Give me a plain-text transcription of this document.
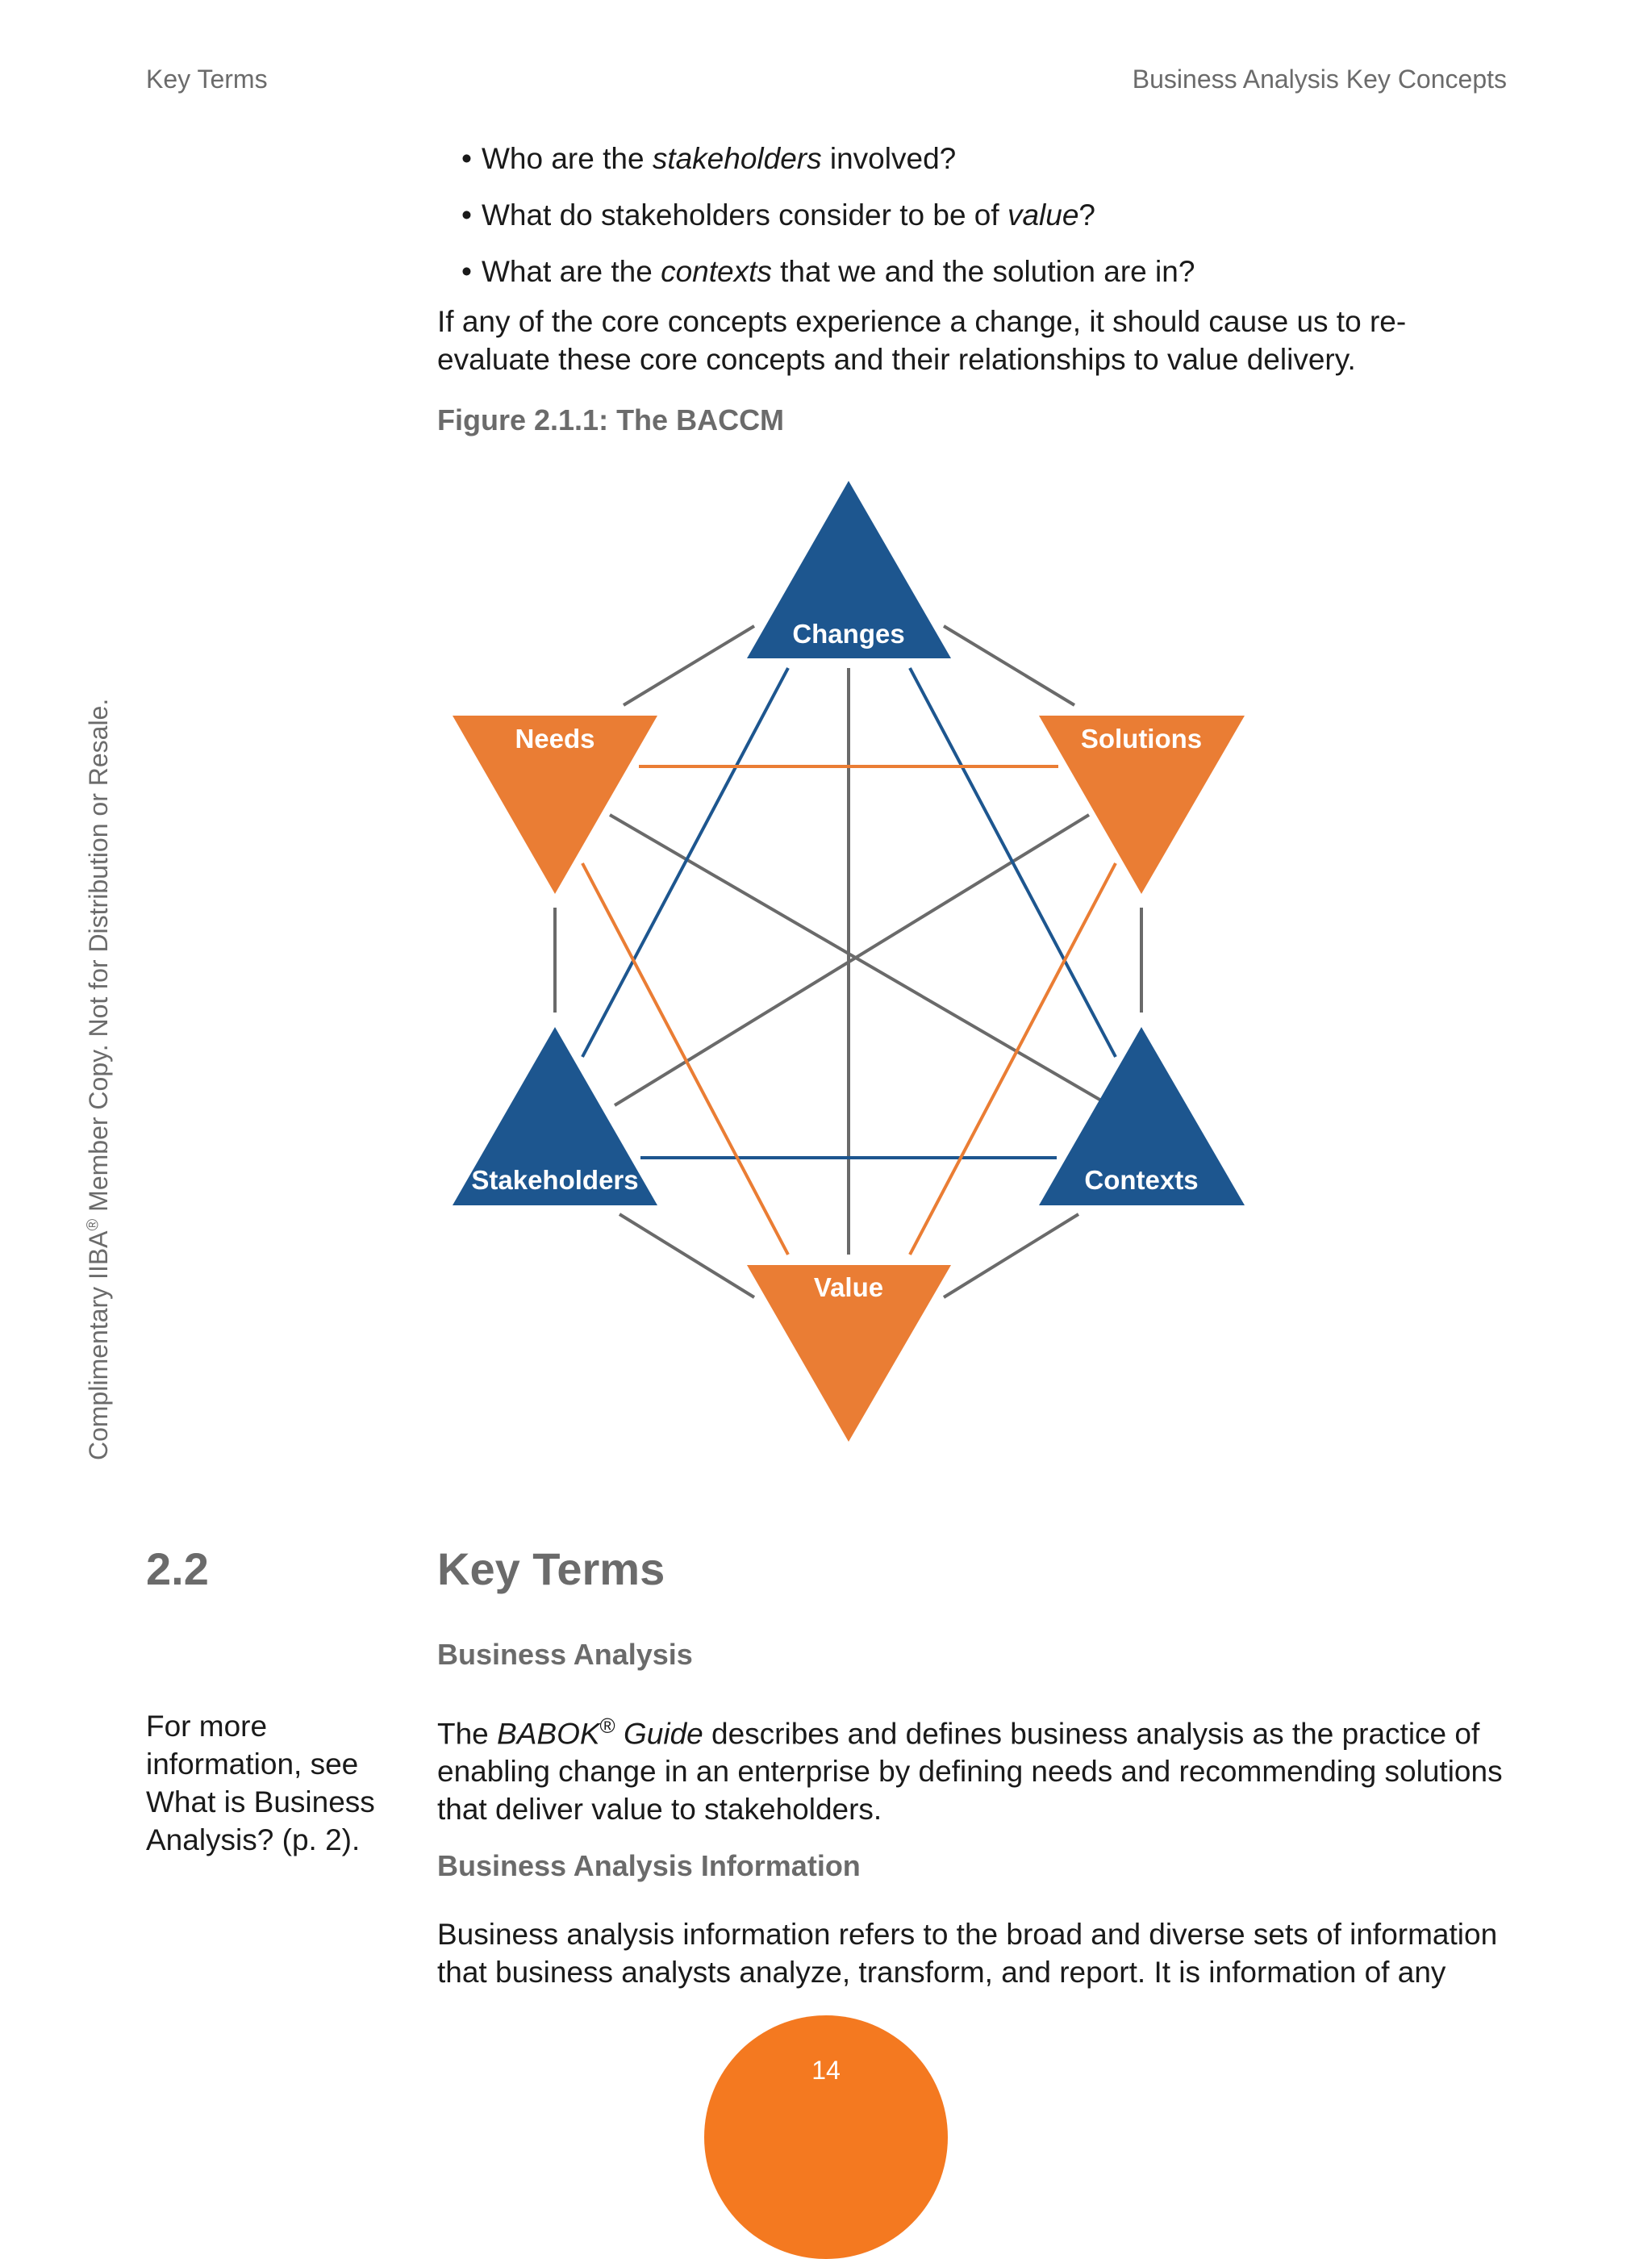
Key Terms	Business Analysis Key Concepts
• Who are the stakeholders involved?
• What do stakeholders consider to be of value?
• What are the contexts that we and the solution are in?

If any of the core concepts experience a change, it should cause us to re-evaluate these core concepts and their relationships to value delivery.

Figure 2.1.1: The BACCM
Changes
Needs	Solutions
Stakeholders	Contexts
Value
Complimentary IIBA® Member Copy. Not for Distribution or Resale.
2.2	Key Terms
Business Analysis

For more information, see What is Business Analysis? (p. 2).

The BABOK® Guide describes and defines business analysis as the practice of enabling change in an enterprise by defining needs and recommending solutions that deliver value to stakeholders.

Business Analysis Information

Business analysis information refers to the broad and diverse sets of information that business analysts analyze, transform, and report. It is information of any

14
